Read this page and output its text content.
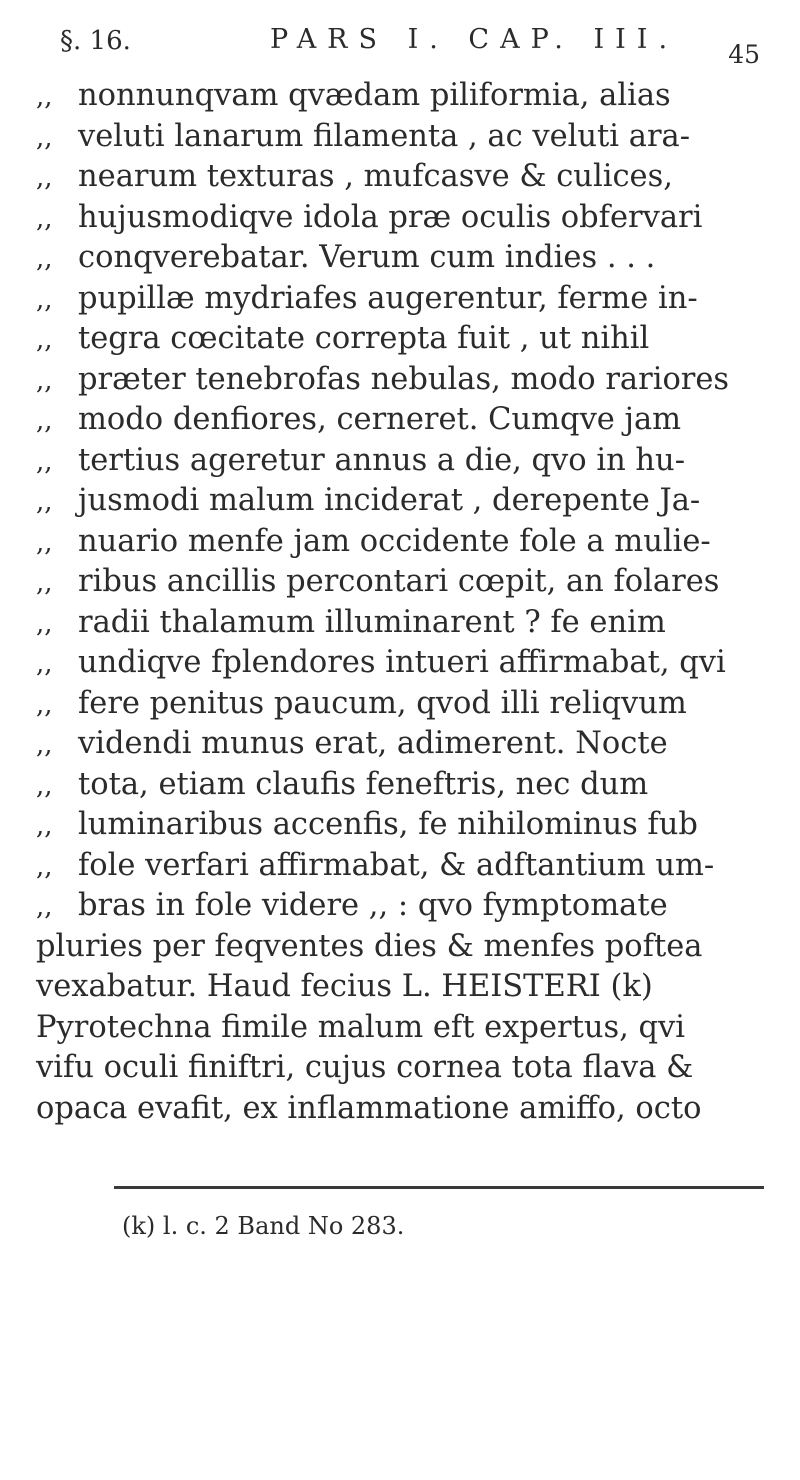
§. 16.	PARS I. CAP. III. 45
,, nonnunqvam qvædam piliformia, alias
,, veluti lanarum filamenta , ac veluti ara-
,, nearum texturas , mufcasve & culices,
,, hujusmodiqve idola præ oculis obfervari
,, conqverebatar. Verum cum indies . . .
,, pupillæ mydriafes augerentur, ferme in-
,, tegra cœcitate correpta fuit , ut nihil
,, præter tenebrofas nebulas, modo rariores
,, modo denfiores, cerneret. Cumqve jam
,, tertius ageretur annus a die, qvo in hu-
,, jusmodi malum inciderat , derepente Ja-
,, nuario menfe jam occidente fole a mulie-
,, ribus ancillis percontari cœpit, an folares
,, radii thalamum illuminarent ? fe enim
,, undiqve fplendores intueri affirmabat, qvi
,, fere penitus paucum, qvod illi reliqvum
,, videndi munus erat, adimerent. Nocte
,, tota, etiam claufis feneftris, nec dum
,, luminaribus accenfis, fe nihilominus fub
,, fole verfari affirmabat, & adftantium um-
,, bras in fole videre ,, : qvo fymptomate
pluries per feqventes dies & menfes poftea
vexabatur. Haud fecius L. HEISTERI (k)
Pyrotechna fimile malum eft expertus, qvi
vifu oculi finiftri, cujus cornea tota flava &
opaca evafit, ex inflammatione amiffo, octo
(k) l. c. 2 Band No 283.
